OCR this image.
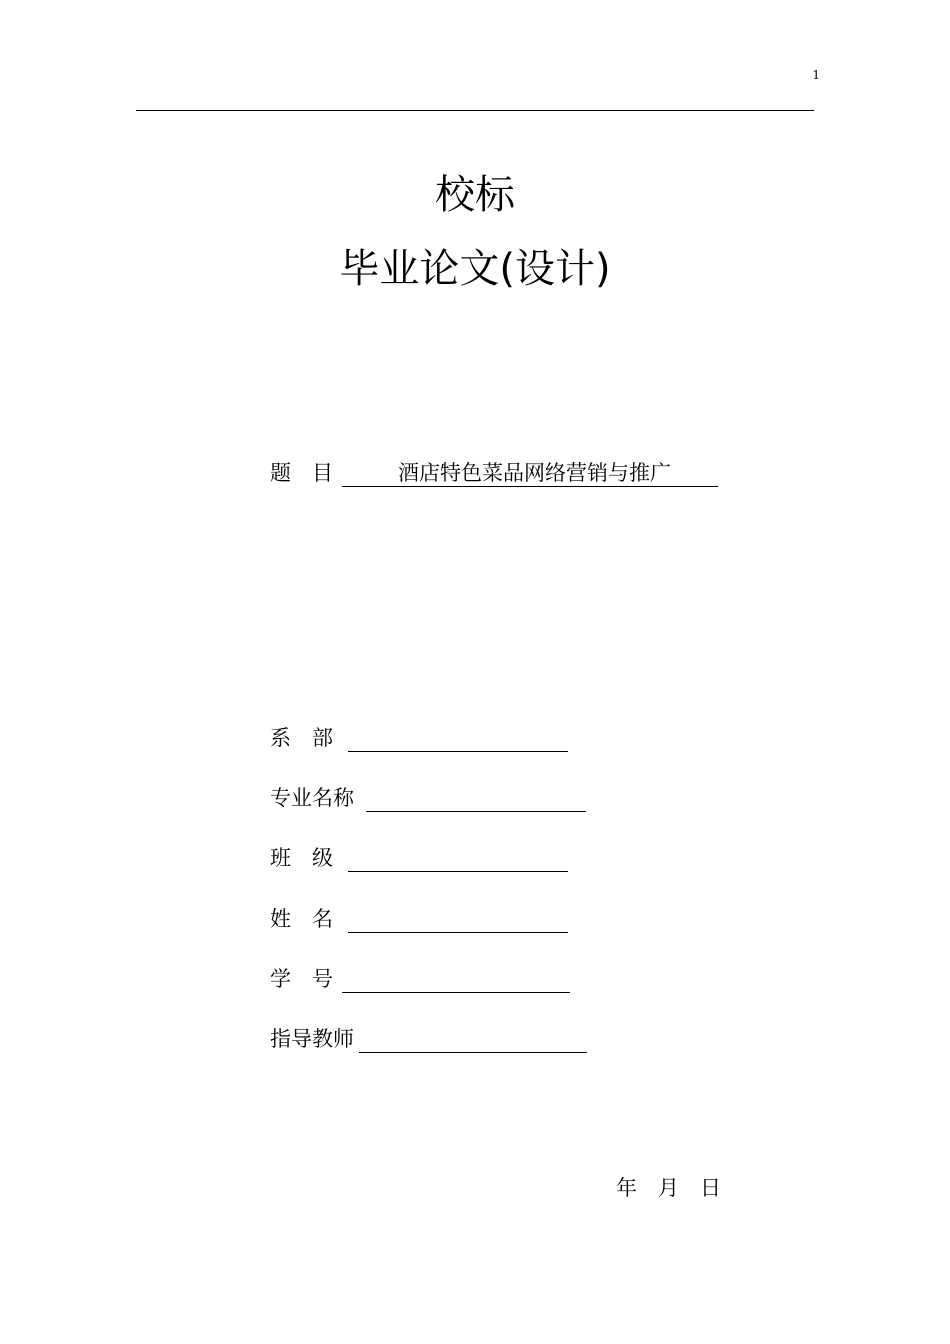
1
校标
毕业论文(设计)
题　目	酒店特色菜品网络营销与推广
系　部
专业名称
班　级
姓　名
学　号
指导教师
年 月 日
